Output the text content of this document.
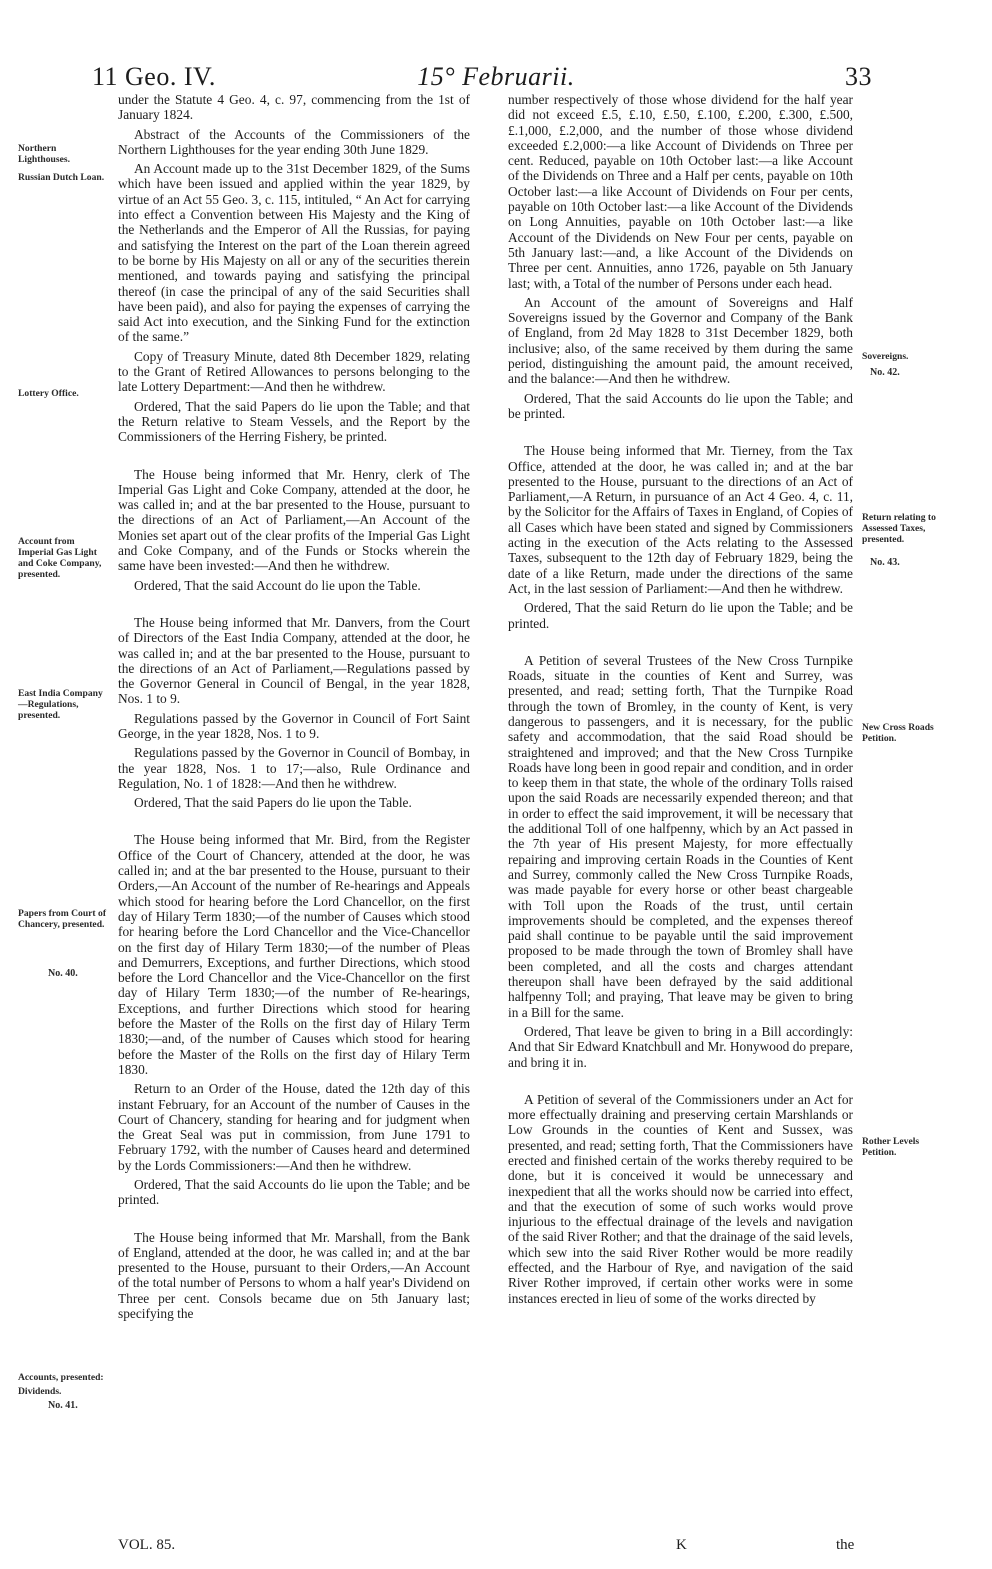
11 Geo. IV.	15° Februarii.	33
Northern Lighthouses.
Russian Dutch Loan.
Lottery Office.
Account from Imperial Gas Light and Coke Company, presented.
East India Company—Regulations, presented.
Papers from Court of Chancery, presented.
No. 40.
Accounts, presented:
Dividends.
No. 41.
Sovereigns.
No. 42.
Return relating to Assessed Taxes, presented.
No. 43.
New Cross Roads Petition.
Rother Levels Petition.

under the Statute 4 Geo. 4, c. 97, commencing from the 1st of January 1824.

Abstract of the Accounts of the Commissioners of the Northern Lighthouses for the year ending 30th June 1829.

An Account made up to the 31st December 1829, of the Sums which have been issued and applied within the year 1829, by virtue of an Act 55 Geo. 3, c. 115, intituled, “ An Act for carrying into effect a Convention between His Majesty and the King of the Netherlands and the Emperor of All the Russias, for paying and satisfying the Interest on the part of the Loan therein agreed to be borne by His Majesty on all or any of the securities therein mentioned, and towards paying and satisfying the principal thereof (in case the principal of any of the said Securities shall have been paid), and also for paying the expenses of carrying the said Act into execution, and the Sinking Fund for the extinction of the same.”

Copy of Treasury Minute, dated 8th December 1829, relating to the Grant of Retired Allowances to persons belonging to the late Lottery Department:—And then he withdrew.

Ordered, That the said Papers do lie upon the Table; and that the Return relative to Steam Vessels, and the Report by the Commissioners of the Herring Fishery, be printed.

The House being informed that Mr. Henry, clerk of The Imperial Gas Light and Coke Company, attended at the door, he was called in; and at the bar presented to the House, pursuant to the directions of an Act of Parliament,—An Account of the Monies set apart out of the clear profits of the Imperial Gas Light and Coke Company, and of the Funds or Stocks wherein the same have been invested:—And then he withdrew.

Ordered, That the said Account do lie upon the Table.

The House being informed that Mr. Danvers, from the Court of Directors of the East India Company, attended at the door, he was called in; and at the bar presented to the House, pursuant to the directions of an Act of Parliament,—Regulations passed by the Governor General in Council of Bengal, in the year 1828, Nos. 1 to 9.

Regulations passed by the Governor in Council of Fort Saint George, in the year 1828, Nos. 1 to 9.

Regulations passed by the Governor in Council of Bombay, in the year 1828, Nos. 1 to 17;—also, Rule Ordinance and Regulation, No. 1 of 1828:—And then he withdrew.

Ordered, That the said Papers do lie upon the Table.

The House being informed that Mr. Bird, from the Register Office of the Court of Chancery, attended at the door, he was called in; and at the bar presented to the House, pursuant to their Orders,—An Account of the number of Re-hearings and Appeals which stood for hearing before the Lord Chancellor, on the first day of Hilary Term 1830;—of the number of Causes which stood for hearing before the Lord Chancellor and the Vice-Chancellor on the first day of Hilary Term 1830;—of the number of Pleas and Demurrers, Exceptions, and further Directions, which stood before the Lord Chancellor and the Vice-Chancellor on the first day of Hilary Term 1830;—of the number of Re-hearings, Exceptions, and further Directions which stood for hearing before the Master of the Rolls on the first day of Hilary Term 1830;—and, of the number of Causes which stood for hearing before the Master of the Rolls on the first day of Hilary Term 1830.

Return to an Order of the House, dated the 12th day of this instant February, for an Account of the number of Causes in the Court of Chancery, standing for hearing and for judgment when the Great Seal was put in commission, from June 1791 to February 1792, with the number of Causes heard and determined by the Lords Commissioners:—And then he withdrew.

Ordered, That the said Accounts do lie upon the Table; and be printed.

The House being informed that Mr. Marshall, from the Bank of England, attended at the door, he was called in; and at the bar presented to the House, pursuant to their Orders,—An Account of the total number of Persons to whom a half year's Dividend on Three per cent. Consols became due on 5th January last; specifying the

number respectively of those whose dividend for the half year did not exceed £.5, £.10, £.50, £.100, £.200, £.300, £.500, £.1,000, £.2,000, and the number of those whose dividend exceeded £.2,000:—a like Account of Dividends on Three per cent. Reduced, payable on 10th October last:—a like Account of the Dividends on Three and a Half per cents, payable on 10th October last:—a like Account of Dividends on Four per cents, payable on 10th October last:—a like Account of the Dividends on Long Annuities, payable on 10th October last:—a like Account of the Dividends on New Four per cents, payable on 5th January last:—and, a like Account of the Dividends on Three per cent. Annuities, anno 1726, payable on 5th January last; with, a Total of the number of Persons under each head.

An Account of the amount of Sovereigns and Half Sovereigns issued by the Governor and Company of the Bank of England, from 2d May 1828 to 31st December 1829, both inclusive; also, of the same received by them during the same period, distinguishing the amount paid, the amount received, and the balance:—And then he withdrew.

Ordered, That the said Accounts do lie upon the Table; and be printed.

The House being informed that Mr. Tierney, from the Tax Office, attended at the door, he was called in; and at the bar presented to the House, pursuant to the directions of an Act of Parliament,—A Return, in pursuance of an Act 4 Geo. 4, c. 11, by the Solicitor for the Affairs of Taxes in England, of Copies of all Cases which have been stated and signed by Commissioners acting in the execution of the Acts relating to the Assessed Taxes, subsequent to the 12th day of February 1829, being the date of a like Return, made under the directions of the same Act, in the last session of Parliament:—And then he withdrew.

Ordered, That the said Return do lie upon the Table; and be printed.

A Petition of several Trustees of the New Cross Turnpike Roads, situate in the counties of Kent and Surrey, was presented, and read; setting forth, That the Turnpike Road through the town of Bromley, in the county of Kent, is very dangerous to passengers, and it is necessary, for the public safety and accommodation, that the said Road should be straightened and improved; and that the New Cross Turnpike Roads have long been in good repair and condition, and in order to keep them in that state, the whole of the ordinary Tolls raised upon the said Roads are necessarily expended thereon; and that in order to effect the said improvement, it will be necessary that the additional Toll of one halfpenny, which by an Act passed in the 7th year of His present Majesty, for more effectually repairing and improving certain Roads in the Counties of Kent and Surrey, commonly called the New Cross Turnpike Roads, was made payable for every horse or other beast chargeable with Toll upon the Roads of the trust, until certain improvements should be completed, and the expenses thereof paid shall continue to be payable until the said improvement proposed to be made through the town of Bromley shall have been completed, and all the costs and charges attendant thereupon shall have been defrayed by the said additional halfpenny Toll; and praying, That leave may be given to bring in a Bill for the same.

Ordered, That leave be given to bring in a Bill accordingly: And that Sir Edward Knatchbull and Mr. Honywood do prepare, and bring it in.

A Petition of several of the Commissioners under an Act for more effectually draining and preserving certain Marshlands or Low Grounds in the counties of Kent and Sussex, was presented, and read; setting forth, That the Commissioners have erected and finished certain of the works thereby required to be done, but it is conceived it would be unnecessary and inexpedient that all the works should now be carried into effect, and that the execution of some of such works would prove injurious to the effectual drainage of the levels and navigation of the said River Rother; and that the drainage of the said levels, which sew into the said River Rother would be more readily effected, and the Harbour of Rye, and navigation of the said River Rother improved, if certain other works were in some instances erected in lieu of some of the works directed by

VOL. 85.	K	the
